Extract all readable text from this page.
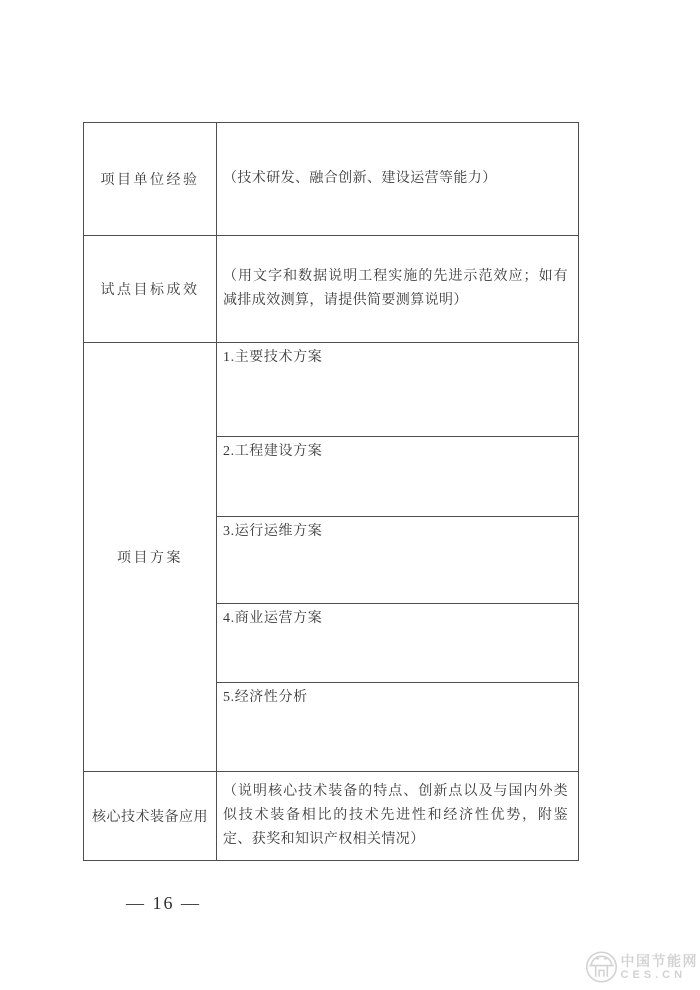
项目单位经验	（技术研发、融合创新、建设运营等能力）
试点目标成效	（用文字和数据说明工程实施的先进示范效应；如有减排成效测算，请提供简要测算说明）
项目方案	1.主要技术方案
	2.工程建设方案
	3.运行运维方案
	4.商业运营方案
	5.经济性分析
核心技术装备应用	（说明核心技术装备的特点、创新点以及与国内外类似技术装备相比的技术先进性和经济性优势，附鉴定、获奖和知识产权相关情况）
— 16 —
中国节能网
CES.CN
